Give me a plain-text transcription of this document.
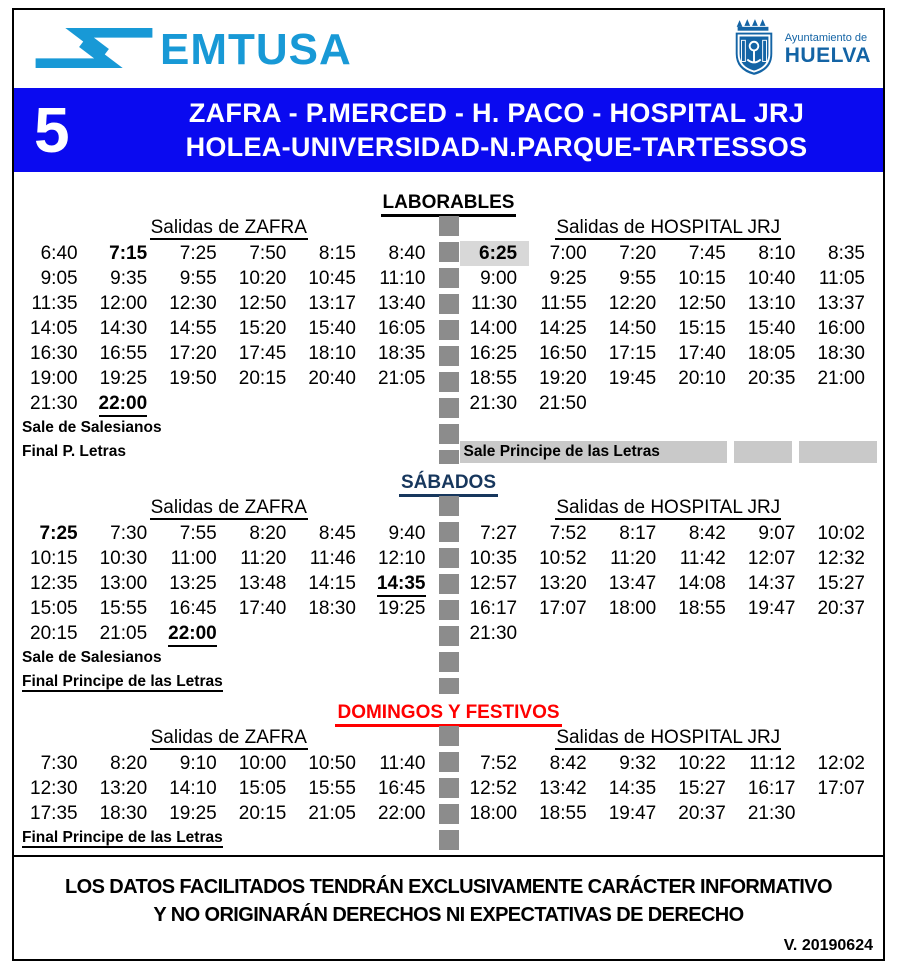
EMTUSA	Ayuntamiento de
HUELVA
5	ZAFRA - P.MERCED - H. PACO - HOSPITAL JRJ
HOLEA-UNIVERSIDAD-N.PARQUE-TARTESSOS
LABORABLES
Salidas de ZAFRA
6:40	7:15	7:25	7:50	8:15	8:40
9:05	9:35	9:55	10:20	10:45	11:10
11:35	12:00	12:30	12:50	13:17	13:40
14:05	14:30	14:55	15:20	15:40	16:05
16:30	16:55	17:20	17:45	18:10	18:35
19:00	19:25	19:50	20:15	20:40	21:05
21:30	22:00
Sale de Salesianos
Final P. Letras
Salidas de HOSPITAL JRJ
6:25	7:00	7:20	7:45	8:10	8:35
9:00	9:25	9:55	10:15	10:40	11:05
11:30	11:55	12:20	12:50	13:10	13:37
14:00	14:25	14:50	15:15	15:40	16:00
16:25	16:50	17:15	17:40	18:05	18:30
18:55	19:20	19:45	20:10	20:35	21:00
21:30	21:50
Sale Principe de las Letras
SÁBADOS
Salidas de ZAFRA
7:25	7:30	7:55	8:20	8:45	9:40
10:15	10:30	11:00	11:20	11:46	12:10
12:35	13:00	13:25	13:48	14:15	14:35
15:05	15:55	16:45	17:40	18:30	19:25
20:15	21:05	22:00
Sale de Salesianos
Final Principe de las Letras
Salidas de HOSPITAL JRJ
7:27	7:52	8:17	8:42	9:07	10:02
10:35	10:52	11:20	11:42	12:07	12:32
12:57	13:20	13:47	14:08	14:37	15:27
16:17	17:07	18:00	18:55	19:47	20:37
21:30
DOMINGOS Y FESTIVOS
Salidas de ZAFRA
7:30	8:20	9:10	10:00	10:50	11:40
12:30	13:20	14:10	15:05	15:55	16:45
17:35	18:30	19:25	20:15	21:05	22:00
Final Principe de las Letras
Salidas de HOSPITAL JRJ
7:52	8:42	9:32	10:22	11:12	12:02
12:52	13:42	14:35	15:27	16:17	17:07
18:00	18:55	19:47	20:37	21:30
LOS DATOS FACILITADOS TENDRÁN EXCLUSIVAMENTE CARÁCTER INFORMATIVO
Y NO ORIGINARÁN DERECHOS NI EXPECTATIVAS DE DERECHO
V. 20190624
